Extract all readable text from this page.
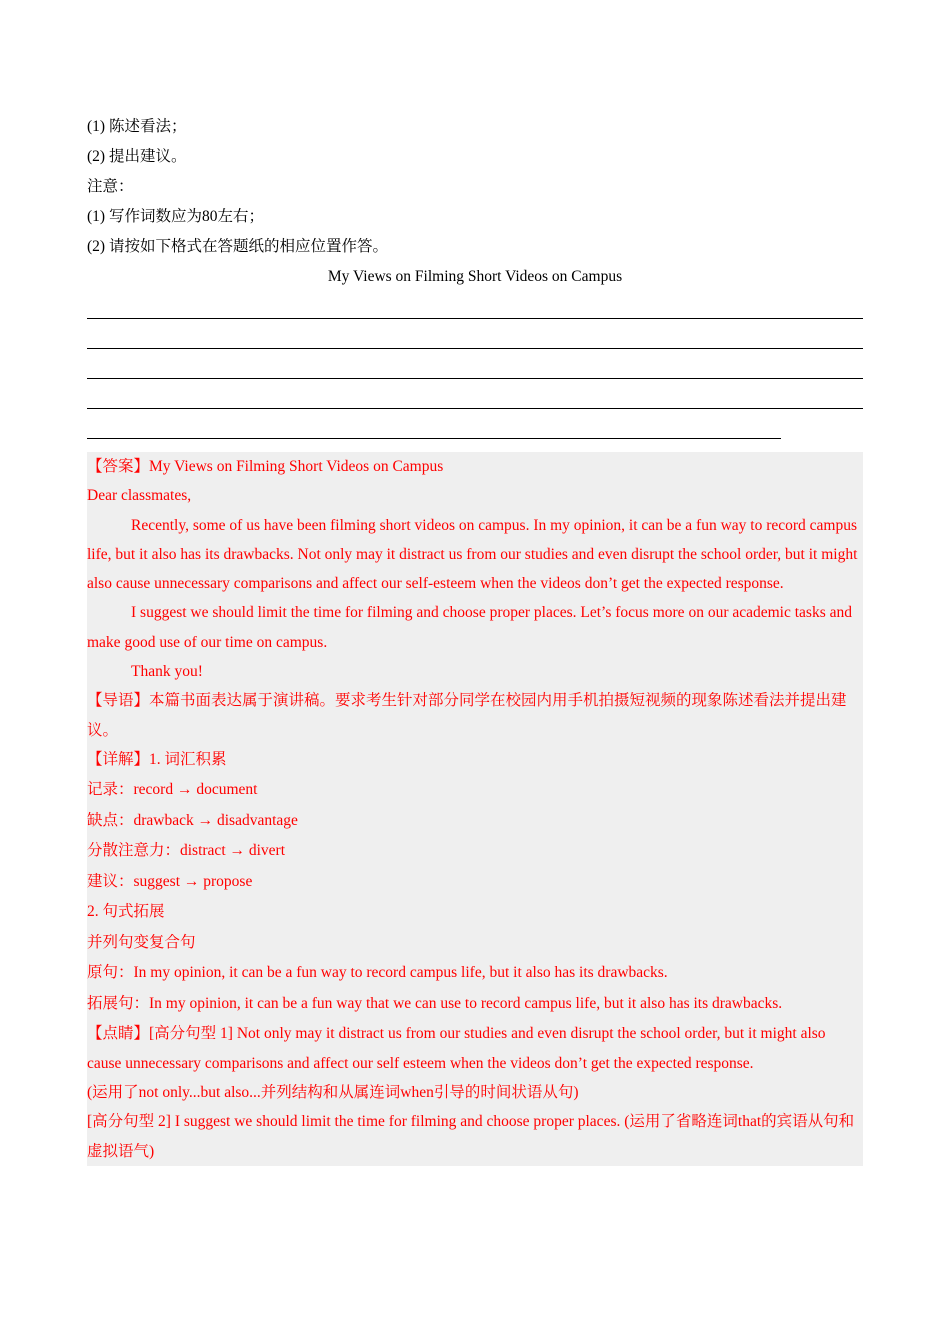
(1) 陈述看法；
(2) 提出建议。
注意：
(1) 写作词数应为80左右；
(2) 请按如下格式在答题纸的相应位置作答。
My Views on Filming Short Videos on Campus

【答案】My Views on Filming Short Videos on Campus

Dear classmates,

Recently, some of us have been filming short videos on campus. In my opinion, it can be a fun way to record campus life, but it also has its drawbacks. Not only may it distract us from our studies and even disrupt the school order, but it might also cause unnecessary comparisons and affect our self-esteem when the videos don’t get the expected response.

I suggest we should limit the time for filming and choose proper places. Let’s focus more on our academic tasks and make good use of our time on campus.

Thank you!

【导语】本篇书面表达属于演讲稿。要求考生针对部分同学在校园内用手机拍摄短视频的现象陈述看法并提出建议。

【详解】1. 词汇积累

记录：record → document

缺点：drawback → disadvantage

分散注意力：distract → divert

建议：suggest → propose

2. 句式拓展

并列句变复合句

原句：In my opinion, it can be a fun way to record campus life, but it also has its drawbacks.

拓展句：In my opinion, it can be a fun way that we can use to record campus life, but it also has its drawbacks.

【点睛】[高分句型 1] Not only may it distract us from our studies and even disrupt the school order, but it might also cause unnecessary comparisons and affect our self esteem when the videos don’t get the expected response.

(运用了not only...but also...并列结构和从属连词when引导的时间状语从句)

[高分句型 2] I suggest we should limit the time for filming and choose proper places. (运用了省略连词that的宾语从句和虚拟语气)
